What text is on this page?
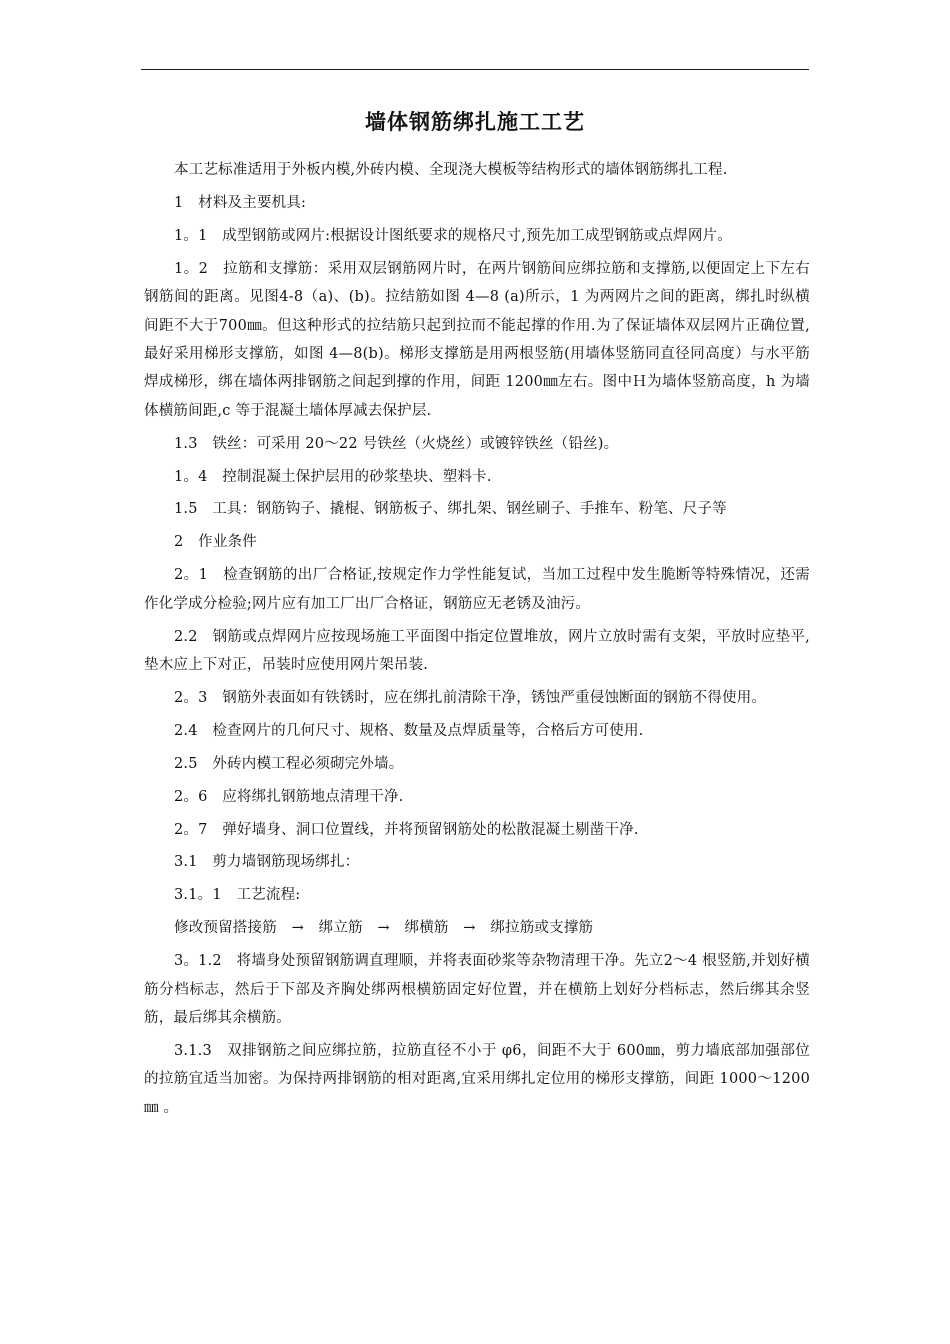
墙体钢筋绑扎施工工艺

本工艺标准适用于外板内模,外砖内模、全现浇大模板等结构形式的墙体钢筋绑扎工程.

1　材料及主要机具:

1。1　成型钢筋或网片:根据设计图纸要求的规格尺寸,预先加工成型钢筋或点焊网片。

1。2　拉筋和支撑筋：采用双层钢筋网片时，在两片钢筋间应绑拉筋和支撑筋,以便固定上下左右钢筋间的距离。见图4-8（a)、(b)。拉结筋如图 4—8 (a)所示，1 为两网片之间的距离，绑扎时纵横间距不大于700㎜。但这种形式的拉结筋只起到拉而不能起撑的作用.为了保证墙体双层网片正确位置,最好采用梯形支撑筋，如图 4—8(b)。梯形支撑筋是用两根竖筋(用墙体竖筋同直径同高度）与水平筋焊成梯形，绑在墙体两排钢筋之间起到撑的作用，间距 1200㎜左右。图中Ｈ为墙体竖筋高度，h 为墙体横筋间距,c 等于混凝土墙体厚减去保护层.

1.3　铁丝：可采用 20～22 号铁丝（火烧丝）或镀锌铁丝（铅丝)。

1。4　控制混凝土保护层用的砂浆垫块、塑料卡.

1.5　工具：钢筋钩子、撬棍、钢筋板子、绑扎架、钢丝刷子、手推车、粉笔、尺子等

2　作业条件

2。1　检查钢筋的出厂合格证,按规定作力学性能复试，当加工过程中发生脆断等特殊情况，还需作化学成分检验;网片应有加工厂出厂合格证，钢筋应无老锈及油污。

2.2　钢筋或点焊网片应按现场施工平面图中指定位置堆放，网片立放时需有支架，平放时应垫平,垫木应上下对正，吊装时应使用网片架吊装.

2。3　钢筋外表面如有铁锈时，应在绑扎前清除干净，锈蚀严重侵蚀断面的钢筋不得使用。

2.4　检查网片的几何尺寸、规格、数量及点焊质量等，合格后方可使用.

2.5　外砖内模工程必须砌完外墙。

2。6　应将绑扎钢筋地点清理干净.

2。7　弹好墙身、洞口位置线，并将预留钢筋处的松散混凝土剔凿干净.

3.1　剪力墙钢筋现场绑扎：

3.1。1　工艺流程:

修改预留搭接筋　→　绑立筋　→　绑横筋　→　绑拉筋或支撑筋

3。1.2　将墙身处预留钢筋调直理顺，并将表面砂浆等杂物清理干净。先立2～4 根竖筋,并划好横筋分档标志，然后于下部及齐胸处绑两根横筋固定好位置，并在横筋上划好分档标志，然后绑其余竖筋，最后绑其余横筋。

3.1.3　双排钢筋之间应绑拉筋，拉筋直径不小于 φ6，间距不大于 600㎜，剪力墙底部加强部位的拉筋宜适当加密。为保持两排钢筋的相对距离,宜采用绑扎定位用的梯形支撑筋，间距 1000～1200㎜ 。
